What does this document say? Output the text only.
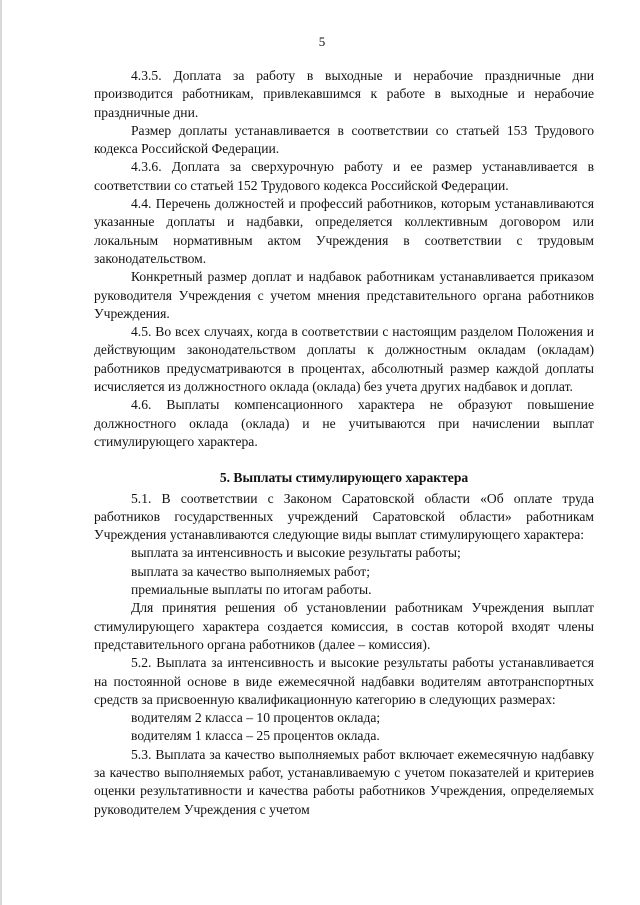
5

4.3.5. Доплата за работу в выходные и нерабочие праздничные дни производится работникам, привлекавшимся к работе в выходные и нерабочие праздничные дни.

Размер доплаты устанавливается в соответствии со статьей 153 Трудового кодекса Российской Федерации.

4.3.6. Доплата за сверхурочную работу и ее размер устанавливается в соответствии со статьей 152 Трудового кодекса Российской Федерации.

4.4. Перечень должностей и профессий работников, которым устанавливаются указанные доплаты и надбавки, определяется коллективным договором или локальным нормативным актом Учреждения в соответствии с трудовым законодательством.

Конкретный размер доплат и надбавок работникам устанавливается приказом руководителя Учреждения с учетом мнения представительного органа работников Учреждения.

4.5. Во всех случаях, когда в соответствии с настоящим разделом Положения и действующим законодательством доплаты к должностным окладам (окладам) работников предусматриваются в процентах, абсолютный размер каждой доплаты исчисляется из должностного оклада (оклада) без учета других надбавок и доплат.

4.6. Выплаты компенсационного характера не образуют повышение должностного оклада (оклада) и не учитываются при начислении выплат стимулирующего характера.

5. Выплаты стимулирующего характера

5.1. В соответствии с Законом Саратовской области «Об оплате труда работников государственных учреждений Саратовской области» работникам Учреждения устанавливаются следующие виды выплат стимулирующего характера:

выплата за интенсивность и высокие результаты работы;

выплата за качество выполняемых работ;

премиальные выплаты по итогам работы.

Для принятия решения об установлении работникам Учреждения выплат стимулирующего характера создается комиссия, в состав которой входят члены представительного органа работников (далее – комиссия).

5.2. Выплата за интенсивность и высокие результаты работы устанавливается на постоянной основе в виде ежемесячной надбавки водителям автотранспортных средств за присвоенную квалификационную категорию в следующих размерах:

водителям 2 класса – 10 процентов оклада;

водителям 1 класса – 25 процентов оклада.

5.3. Выплата за качество выполняемых работ включает ежемесячную надбавку за качество выполняемых работ, устанавливаемую с учетом показателей и критериев оценки результативности и качества работы работников Учреждения, определяемых руководителем Учреждения с учетом
